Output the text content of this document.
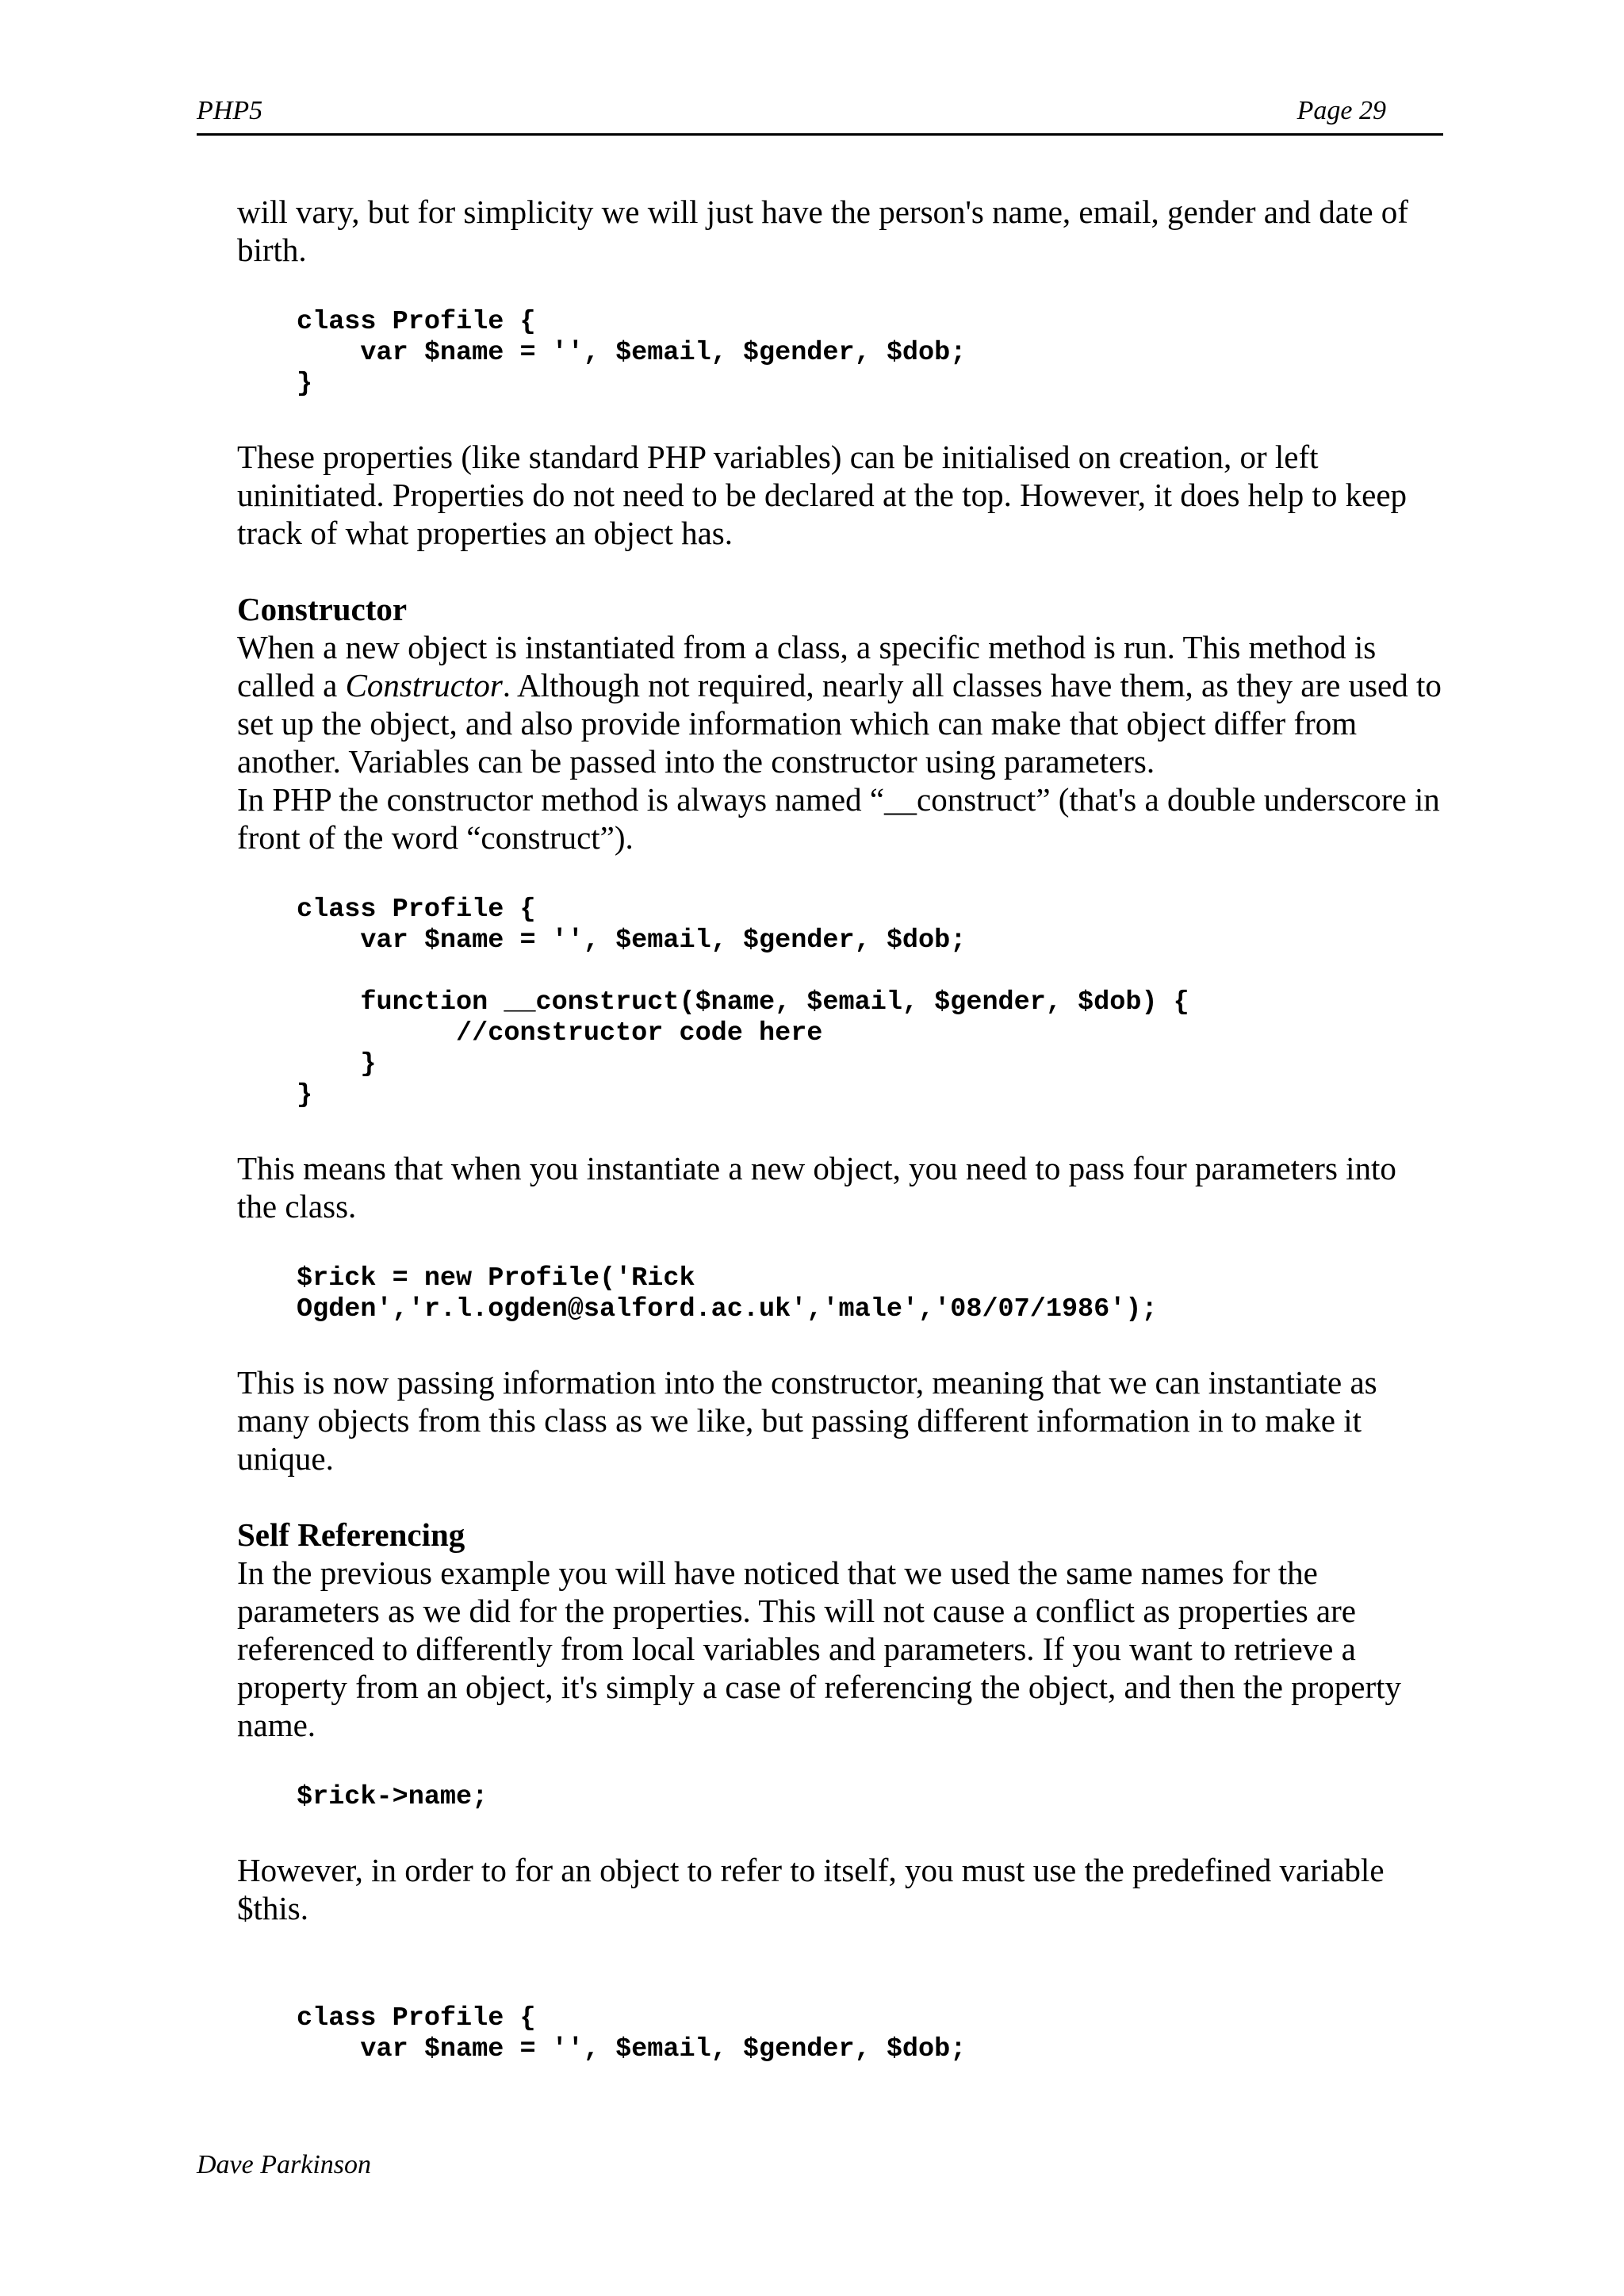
PHP5	Page 29

will vary, but for simplicity we will just have the person's name, email, gender and date of birth.

class Profile {
var $name = '', $email, $gender, $dob;
}

These properties (like standard PHP variables) can be initialised on creation, or left uninitiated. Properties do not need to be declared at the top. However, it does help to keep track of what properties an object has.

Constructor

When a new object is instantiated from a class, a specific method is run. This method is called a Constructor. Although not required, nearly all classes have them, as they are used to set up the object, and also provide information which can make that object differ from another. Variables can be passed into the constructor using parameters.

In PHP the constructor method is always named “__construct” (that's a double underscore in front of the word “construct”).

class Profile {
var $name = '', $email, $gender, $dob;

function __construct($name, $email, $gender, $dob) {
//constructor code here
}
}

This means that when you instantiate a new object, you need to pass four parameters into the class.

$rick = new Profile('Rick
Ogden','r.l.ogden@salford.ac.uk','male','08/07/1986');

This is now passing information into the constructor, meaning that we can instantiate as many objects from this class as we like, but passing different information in to make it unique.

Self Referencing

In the previous example you will have noticed that we used the same names for the parameters as we did for the properties. This will not cause a conflict as properties are referenced to differently from local variables and parameters. If you want to retrieve a property from an object, it's simply a case of referencing the object, and then the property name.

$rick->name;

However, in order to for an object to refer to itself, you must use the predefined variable $this.

class Profile {
var $name = '', $email, $gender, $dob;
Dave Parkinson
